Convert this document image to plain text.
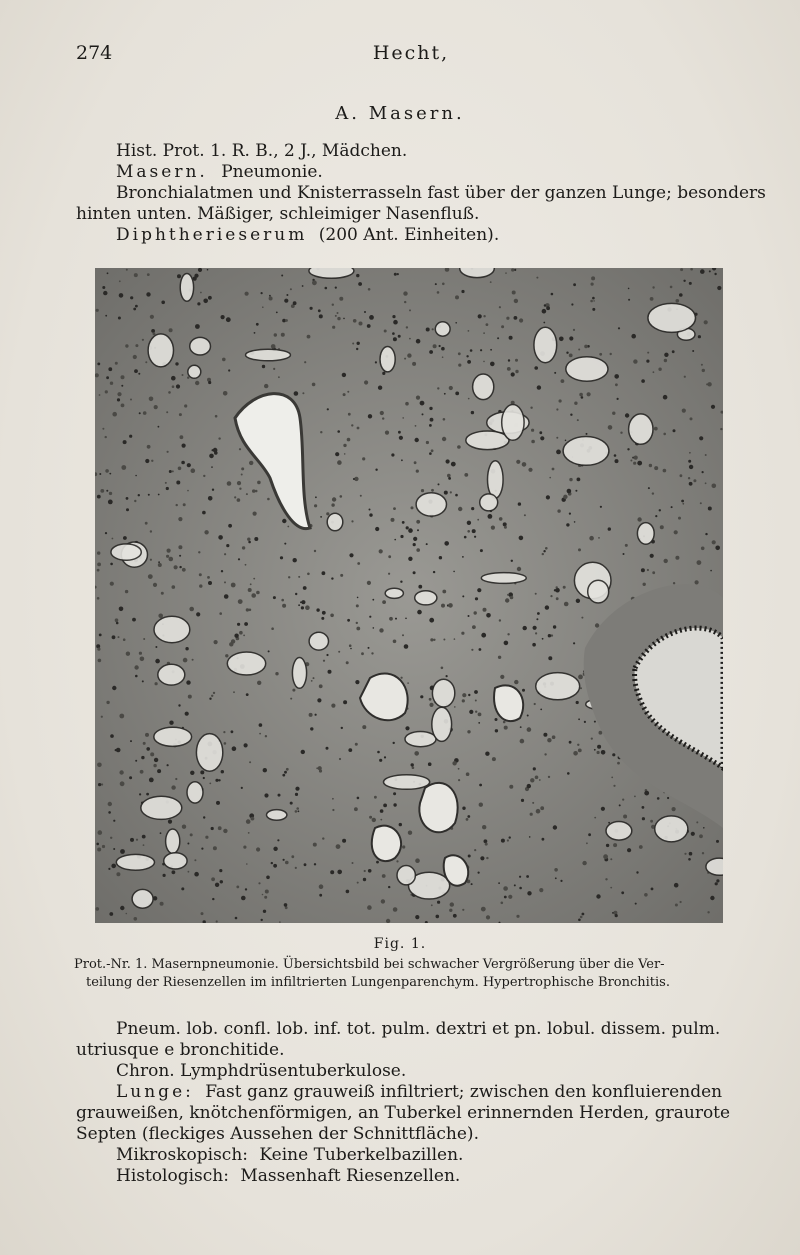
274	Hecht,
A. Masern.
Hist. Prot. 1. R. B., 2 J., Mädchen.
Masern. Pneumonie.
Bronchialatmen und Knisterrasseln fast über der ganzen Lunge; besonders
hinten unten. Mäßiger, schleimiger Nasenfluß.
Diphtherieserum (200 Ant. Einheiten).
Fig. 1.
Prot.-Nr. 1. Masernpneumonie. Übersichtsbild bei schwacher Vergrößerung über die Ver-
teilung der Riesenzellen im infiltrierten Lungenparenchym. Hypertrophische Bronchitis.
Pneum. lob. confl. lob. inf. tot. pulm. dextri et pn. lobul. dissem. pulm.
utriusque e bronchitide.
Chron. Lymphdrüsentuberkulose.
Lunge: Fast ganz grauweiß infiltriert; zwischen den konfluierenden
grauweißen, knötchenförmigen, an Tuberkel erinnernden Herden, graurote
Septen (fleckiges Aussehen der Schnittfläche).
Mikroskopisch: Keine Tuberkelbazillen.
Histologisch: Massenhaft Riesenzellen.
